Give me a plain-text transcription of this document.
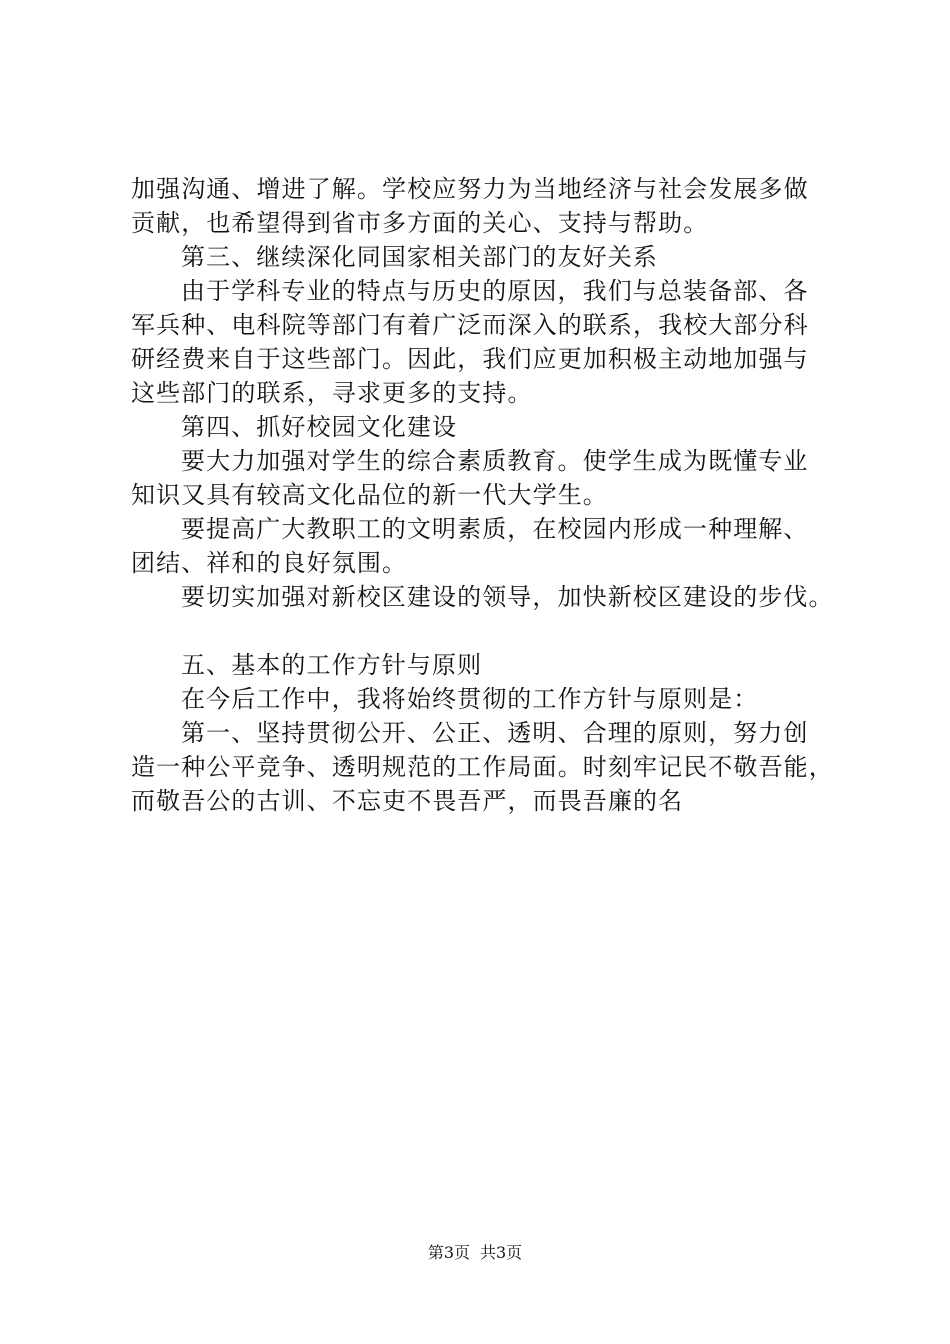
加强沟通、增进了解。学校应努力为当地经济与社会发展多做
贡献，也希望得到省市多方面的关心、支持与帮助。
第三、继续深化同国家相关部门的友好关系
由于学科专业的特点与历史的原因，我们与总装备部、各
军兵种、电科院等部门有着广泛而深入的联系，我校大部分科
研经费来自于这些部门。因此，我们应更加积极主动地加强与
这些部门的联系，寻求更多的支持。
第四、抓好校园文化建设
要大力加强对学生的综合素质教育。使学生成为既懂专业
知识又具有较高文化品位的新一代大学生。
要提高广大教职工的文明素质，在校园内形成一种理解、
团结、祥和的良好氛围。
要切实加强对新校区建设的领导，加快新校区建设的步伐。
五、基本的工作方针与原则
在今后工作中，我将始终贯彻的工作方针与原则是：
第一、坚持贯彻公开、公正、透明、合理的原则，努力创
造一种公平竞争、透明规范的工作局面。时刻牢记民不敬吾能，
而敬吾公的古训、不忘吏不畏吾严，而畏吾廉的名
第3页 共3页
